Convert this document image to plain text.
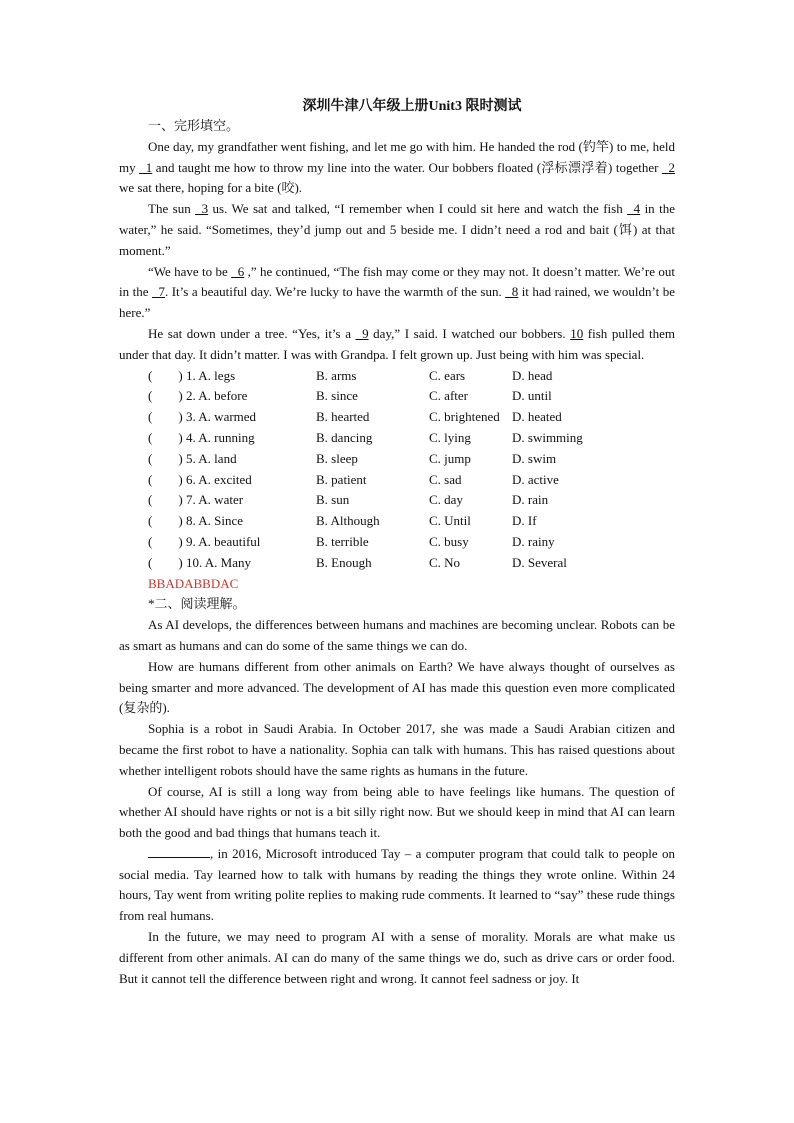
深圳牛津八年级上册Unit3 限时测试
一、完形填空。

One day, my grandfather went fishing, and let me go with him. He handed the rod (钓竿) to me, held my _1 and taught me how to throw my line into the water. Our bobbers floated (浮标漂浮着) together _2 we sat there, hoping for a bite (咬).

The sun _3 us. We sat and talked, “I remember when I could sit here and watch the fish _4 in the water,” he said. “Sometimes, they’d jump out and 5 beside me. I didn’t need a rod and bait (饵) at that moment.”

“We have to be _6 ,” he continued, “The fish may come or they may not. It doesn’t matter. We’re out in the _7. It’s a beautiful day. We’re lucky to have the warmth of the sun. _8 it had rained, we wouldn’t be here.”

He sat down under a tree. “Yes, it’s a _9 day,” I said. I watched our bobbers. 10 fish pulled them under that day. It didn’t matter. I was with Grandpa. I felt grown up. Just being with him was special.

(        ) 1. A. legs	B. arms	C. ears	D. head
(        ) 2. A. before	B. since	C. after	D. until
(        ) 3. A. warmed	B. hearted	C. brightened D. heated
(        ) 4. A. running	B. dancing	C. lying	D. swimming
(        ) 5. A. land	B. sleep	C. jump	D. swim
(        ) 6. A. excited	B. patient	C. sad	D. active
(        ) 7. A. water	B. sun	C. day	D. rain
(        ) 8. A. Since	B. Although	C. Until	D. If
(        ) 9. A. beautiful	B. terrible	C. busy	D. rainy
(        ) 10. A. Many	B. Enough	C. No	D. Several
BBADABBDAC
*二、阅读理解。

As AI develops, the differences between humans and machines are becoming unclear. Robots can be as smart as humans and can do some of the same things we can do.

How are humans different from other animals on Earth? We have always thought of ourselves as being smarter and more advanced. The development of AI has made this question even more complicated (复杂的).

Sophia is a robot in Saudi Arabia. In October 2017, she was made a Saudi Arabian citizen and became the first robot to have a nationality. Sophia can talk with humans. This has raised questions about whether intelligent robots should have the same rights as humans in the future.

Of course, AI is still a long way from being able to have feelings like humans. The question of whether AI should have rights or not is a bit silly right now. But we should keep in mind that AI can learn both the good and bad things that humans teach it.

, in 2016, Microsoft introduced Tay – a computer program that could talk to people on social media. Tay learned how to talk with humans by reading the things they wrote online. Within 24 hours, Tay went from writing polite replies to making rude comments. It learned to “say” these rude things from real humans.

In the future, we may need to program AI with a sense of morality. Morals are what make us different from other animals. AI can do many of the same things we do, such as drive cars or order food. But it cannot tell the difference between right and wrong. It cannot feel sadness or joy. It
